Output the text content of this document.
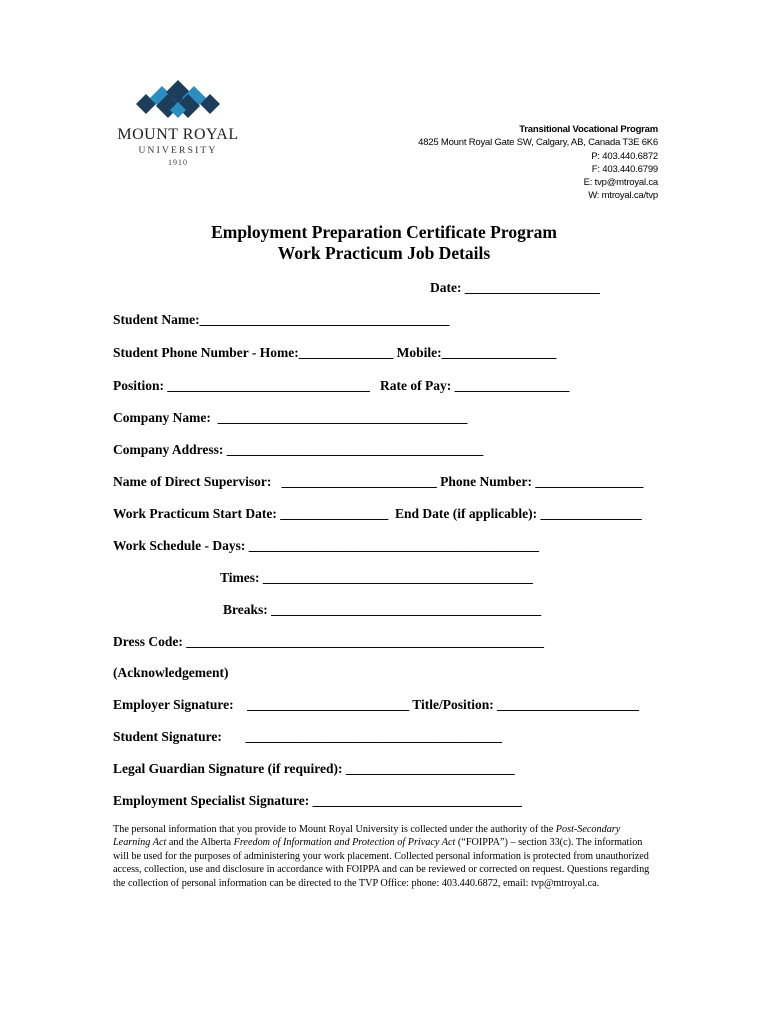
MOUNT ROYAL
UNIVERSITY
1910
Transitional Vocational Program
4825 Mount Royal Gate SW, Calgary, AB, Canada T3E 6K6
P: 403.440.6872
F: 403.440.6799
E: tvp@mtroyal.ca
W: mtroyal.ca/tvp
Employment Preparation Certificate Program
Work Practicum Job Details
Date: ____________________
Student Name:_____________________________________
Student Phone Number - Home:______________ Mobile:_________________
Position: ______________________________   Rate of Pay: _________________
Company Name:  _____________________________________
Company Address: ______________________________________
Name of Direct Supervisor:   _______________________ Phone Number: ________________
Work Practicum Start Date: ________________  End Date (if applicable): _______________
Work Schedule - Days: ___________________________________________
Times: ________________________________________
Breaks: ________________________________________
Dress Code: _____________________________________________________
(Acknowledgement)
Employer Signature:    ________________________ Title/Position: _____________________
Student Signature:       ______________________________________
Legal Guardian Signature (if required): _________________________
Employment Specialist Signature: _______________________________

The personal information that you provide to Mount Royal University is collected under the authority of the Post-Secondary Learning Act and the Alberta Freedom of Information and Protection of Privacy Act (“FOIPPA”) – section 33(c). The information will be used for the purposes of administering your work placement. Collected personal information is protected from unauthorized access, collection, use and disclosure in accordance with FOIPPA and can be reviewed or corrected on request. Questions regarding the collection of personal information can be directed to the TVP Office: phone: 403.440.6872, email: tvp@mtroyal.ca.
